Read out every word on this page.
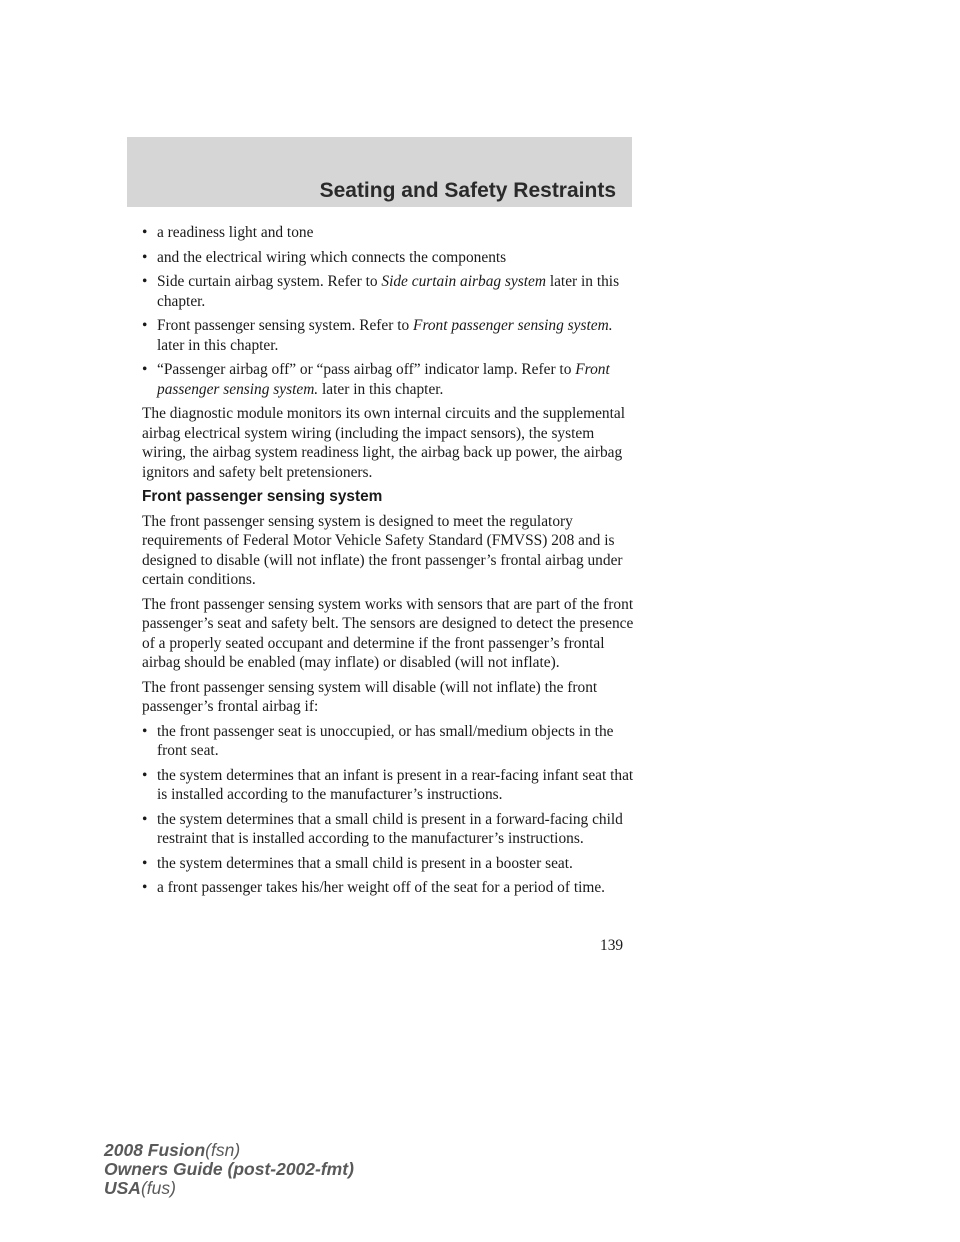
Seating and Safety Restraints
• a readiness light and tone
• and the electrical wiring which connects the components
• Side curtain airbag system. Refer to Side curtain airbag system later in this chapter.
• Front passenger sensing system. Refer to Front passenger sensing system. later in this chapter.
• “Passenger airbag off” or “pass airbag off” indicator lamp. Refer to Front passenger sensing system. later in this chapter.

The diagnostic module monitors its own internal circuits and the supplemental airbag electrical system wiring (including the impact sensors), the system wiring, the airbag system readiness light, the airbag back up power, the airbag ignitors and safety belt pretensioners.

Front passenger sensing system

The front passenger sensing system is designed to meet the regulatory requirements of Federal Motor Vehicle Safety Standard (FMVSS) 208 and is designed to disable (will not inflate) the front passenger’s frontal airbag under certain conditions.

The front passenger sensing system works with sensors that are part of the front passenger’s seat and safety belt. The sensors are designed to detect the presence of a properly seated occupant and determine if the front passenger’s frontal airbag should be enabled (may inflate) or disabled (will not inflate).

The front passenger sensing system will disable (will not inflate) the front passenger’s frontal airbag if:

• the front passenger seat is unoccupied, or has small/medium objects in the front seat.
• the system determines that an infant is present in a rear-facing infant seat that is installed according to the manufacturer’s instructions.
• the system determines that a small child is present in a forward-facing child restraint that is installed according to the manufacturer’s instructions.
• the system determines that a small child is present in a booster seat.
• a front passenger takes his/her weight off of the seat for a period of time.
139
2008 Fusion(fsn)
Owners Guide (post-2002-fmt)
USA(fus)
